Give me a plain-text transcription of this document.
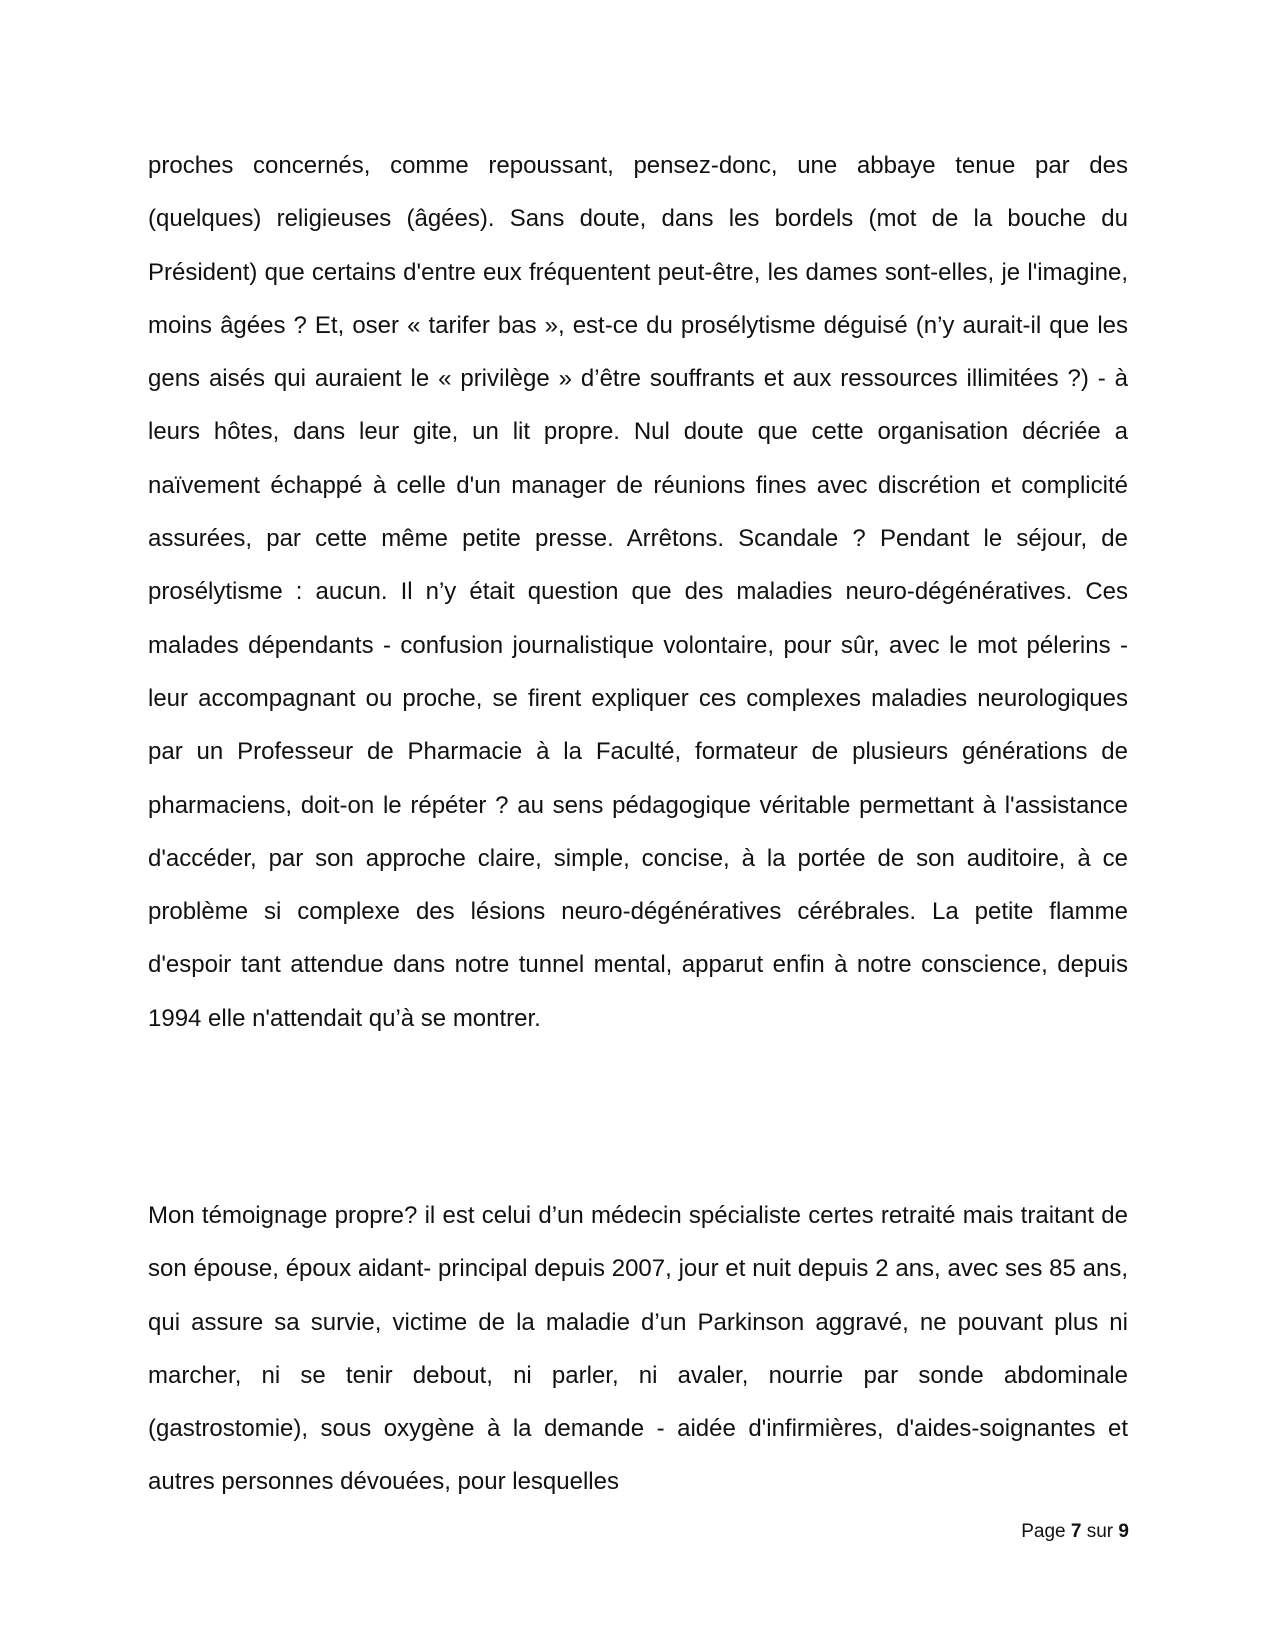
proches concernés, comme repoussant, pensez-donc, une abbaye tenue par des (quelques) religieuses (âgées). Sans doute, dans les bordels (mot de la bouche du Président) que certains d'entre eux fréquentent peut-être, les dames sont-elles, je l'imagine, moins âgées ? Et, oser « tarifer bas », est-ce du prosélytisme déguisé (n’y aurait-il que les gens aisés qui auraient le « privilège » d’être souffrants et aux ressources illimitées ?) - à leurs hôtes, dans leur gite, un lit propre. Nul doute que cette organisation décriée a naïvement échappé à celle d'un manager de réunions fines avec discrétion et complicité assurées, par cette même petite presse. Arrêtons. Scandale ? Pendant le séjour, de prosélytisme : aucun. Il n’y était question que des maladies neuro-dégénératives. Ces malades dépendants - confusion journalistique volontaire, pour sûr, avec le mot pélerins - leur accompagnant ou proche, se firent expliquer ces complexes maladies neurologiques par un Professeur de Pharmacie à la Faculté, formateur de plusieurs générations de pharmaciens, doit-on le répéter ? au sens pédagogique véritable permettant à l'assistance d'accéder, par son approche claire, simple, concise, à la portée de son auditoire, à ce problème si complexe des lésions neuro-dégénératives cérébrales. La petite flamme d'espoir tant attendue dans notre tunnel mental, apparut enfin à notre conscience, depuis 1994 elle n'attendait qu’à se montrer.

Mon témoignage propre? il est celui d’un médecin spécialiste certes retraité mais traitant de son épouse, époux aidant- principal depuis 2007, jour et nuit depuis 2 ans, avec ses 85 ans, qui assure sa survie, victime de la maladie d’un Parkinson aggravé, ne pouvant plus ni marcher, ni se tenir debout, ni parler, ni avaler, nourrie par sonde abdominale (gastrostomie), sous oxygène à la demande - aidée d'infirmières, d'aides-soignantes et autres personnes dévouées, pour lesquelles

Page 7 sur 9
